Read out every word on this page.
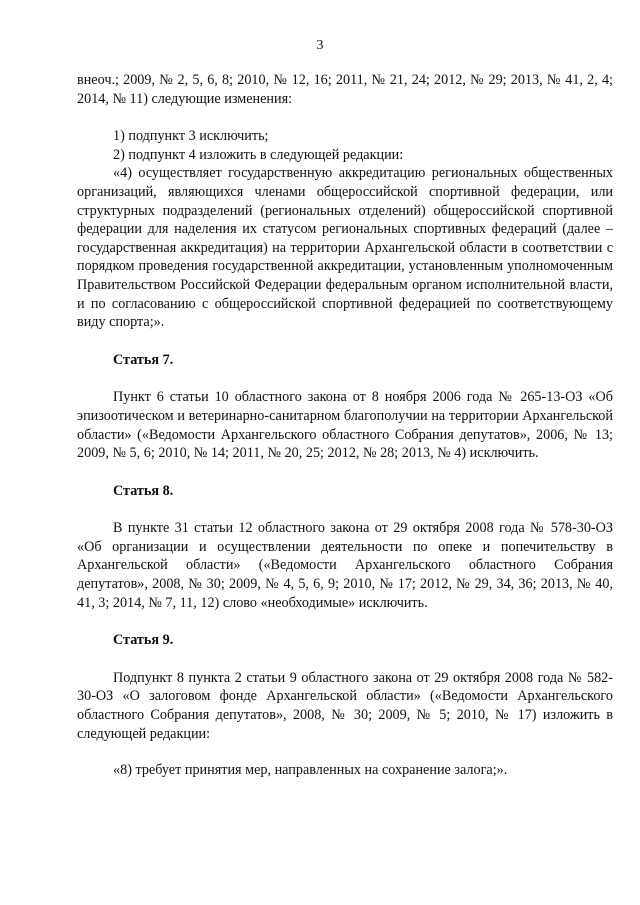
3

внеоч.; 2009, № 2, 5, 6, 8; 2010, № 12, 16; 2011, № 21, 24; 2012, № 29; 2013, № 41, 2, 4; 2014, № 11) следующие изменения:

1) подпункт 3 исключить;

2) подпункт 4 изложить в следующей редакции:

«4) осуществляет государственную аккредитацию региональных общественных организаций, являющихся членами общероссийской спортивной федерации, или структурных подразделений (региональных отделений) общероссийской спортивной федерации для наделения их статусом региональных спортивных федераций (далее – государственная аккредитация) на территории Архангельской области в соответствии с порядком проведения государственной аккредитации, установленным уполномоченным Правительством Российской Федерации федеральным органом исполнительной власти, и по согласованию с общероссийской спортивной федерацией по соответствующему виду спорта;».

Статья 7.

Пункт 6 статьи 10 областного закона от 8 ноября 2006 года № 265-13-ОЗ «Об эпизоотическом и ветеринарно-санитарном благополучии на территории Архангельской области» («Ведомости Архангельского областного Собрания депутатов», 2006, № 13; 2009, № 5, 6; 2010, № 14; 2011, № 20, 25; 2012, № 28; 2013, № 4) исключить.

Статья 8.

В пункте 31 статьи 12 областного закона от 29 октября 2008 года № 578-30-ОЗ «Об организации и осуществлении деятельности по опеке и попечительству в Архангельской области» («Ведомости Архангельского областного Собрания депутатов», 2008, № 30; 2009, № 4, 5, 6, 9; 2010, № 17; 2012, № 29, 34, 36; 2013, № 40, 41, 3; 2014, № 7, 11, 12) слово «необходимые» исключить.

Статья 9.

Подпункт 8 пункта 2 статьи 9 областного закона от 29 октября 2008 года № 582-30-ОЗ «О залоговом фонде Архангельской области» («Ведомости Архангельского областного Собрания депутатов», 2008, № 30; 2009, № 5; 2010, № 17) изложить в следующей редакции:

«8) требует принятия мер, направленных на сохранение залога;».
